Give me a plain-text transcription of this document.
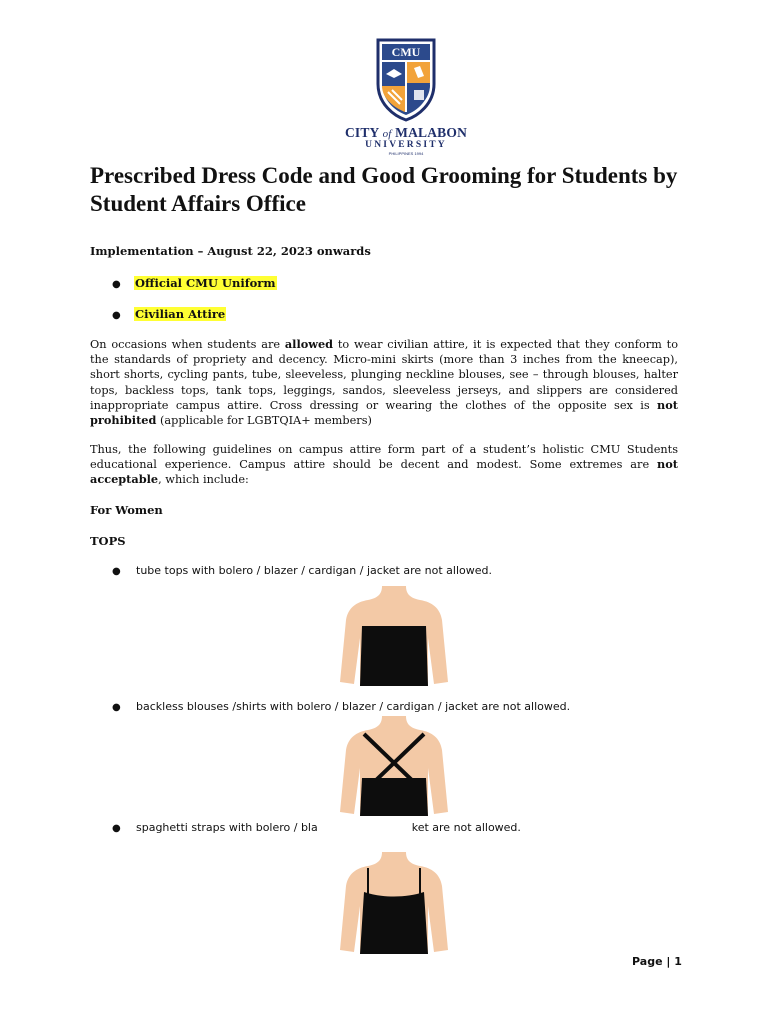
CMU
CITY of MALABON
UNIVERSITY
PHILIPPINES 1994
Prescribed Dress Code and Good Grooming for Students by Student Affairs Office
Implementation – August 22, 2023 onwards
● Official CMU Uniform
● Civilian Attire

On occasions when students are allowed to wear civilian attire, it is expected that they conform to the standards of propriety and decency. Micro-mini skirts (more than 3 inches from the kneecap), short shorts, cycling pants, tube, sleeveless, plunging neckline blouses, see – through blouses, halter tops, backless tops, tank tops, leggings, sandos, sleeveless jerseys, and slippers are considered inappropriate campus attire. Cross dressing or wearing the clothes of the opposite sex is not prohibited (applicable for LGBTQIA+ members)

Thus, the following guidelines on campus attire form part of a student’s holistic CMU Students educational experience. Campus attire should be decent and modest. Some extremes are not acceptable, which include:

For Women
TOPS
● tube tops with bolero / blazer / cardigan / jacket are not allowed.
● backless blouses /shirts with bolero / blazer / cardigan / jacket are not allowed.
● spaghetti straps with bolero / bla	ket are not allowed.
Page | 1
